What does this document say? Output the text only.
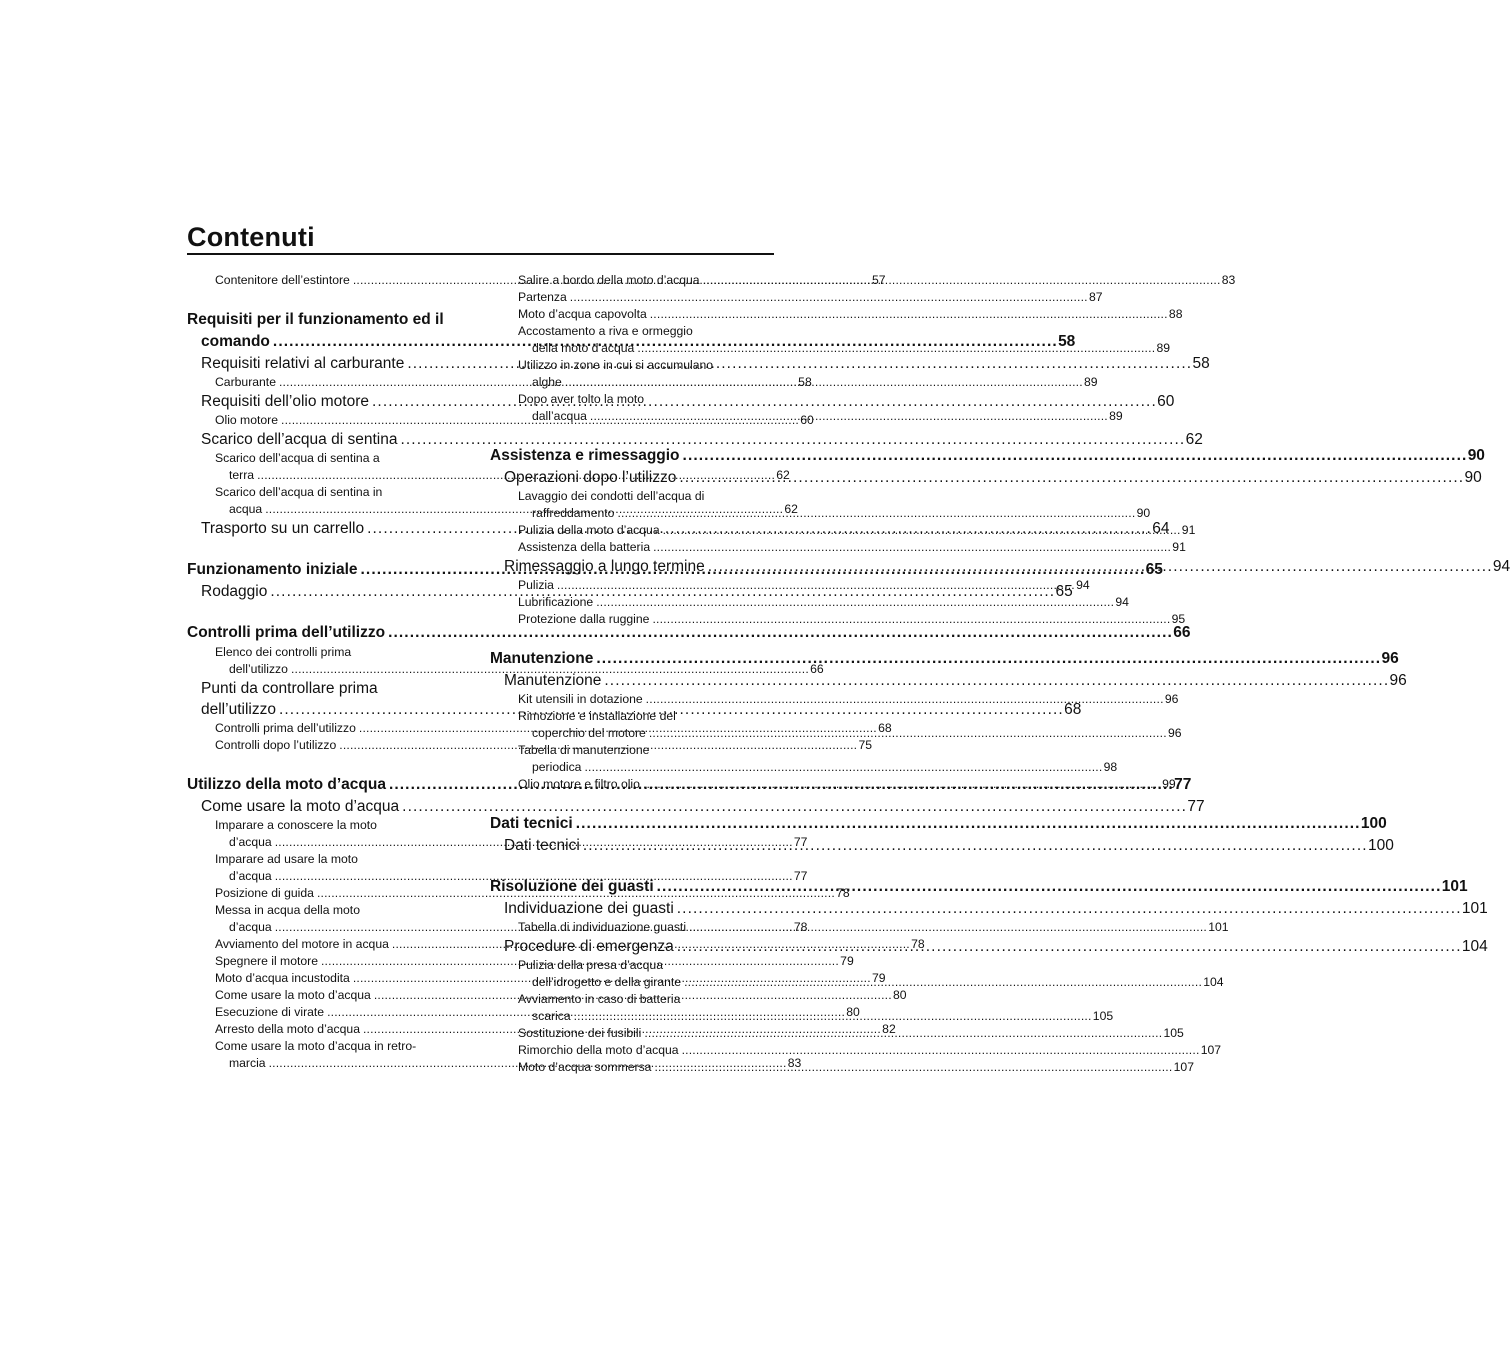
Contenuti
Contenitore dell’estintore . . .	57
Requisiti per il funzionamento ed il
comando . . .	58
Requisiti relativi al carburante . . .	58
Carburante . . .	58
Requisiti dell’olio motore . . .	60
Olio motore . . .	60
Scarico dell’acqua di sentina . . .	62
Scarico dell’acqua di sentina a
terra . . .	62
Scarico dell’acqua di sentina in
acqua . . .	62
Trasporto su un carrello . . .	64
Funzionamento iniziale . . .	65
Rodaggio . . .	65
Controlli prima dell’utilizzo . . .	66
Elenco dei controlli prima
dell’utilizzo . . .	66
Punti da controllare prima
dell’utilizzo . . .	68
Controlli prima dell’utilizzo . . .	68
Controlli dopo l’utilizzo . . .	75
Utilizzo della moto d’acqua . . .	77
Come usare la moto d’acqua . . .	77
Imparare a conoscere la moto
d’acqua . . .	77
Imparare ad usare la moto
d’acqua . . .	77
Posizione di guida . . .	78
Messa in acqua della moto
d’acqua . . .	78
Avviamento del motore in acqua . . .	78
Spegnere il motore . . .	79
Moto d’acqua incustodita . . .	79
Come usare la moto d’acqua . . .	80
Esecuzione di virate . . .	80
Arresto della moto d’acqua . . .	82
Come usare la moto d’acqua in retro-
marcia . . .	83
Salire a bordo della moto d’acqua . . .	83
Partenza . . .	87
Moto d’acqua capovolta . . .	88
Accostamento a riva e ormeggio
della moto d’acqua . . .	89
Utilizzo in zone in cui si accumulano
alghe . . .	89
Dopo aver tolto la moto
dall’acqua . . .	89
Assistenza e rimessaggio . . .	90
Operazioni dopo l’utilizzo . . .	90
Lavaggio dei condotti dell’acqua di
raffreddamento . . .	90
Pulizia della moto d’acqua . . .	91
Assistenza della batteria . . .	91
Rimessaggio a lungo termine . . .	94
Pulizia . . .	94
Lubrificazione . . .	94
Protezione dalla ruggine . . .	95
Manutenzione . . .	96
Manutenzione . . .	96
Kit utensili in dotazione . . .	96
Rimozione e installazione del
coperchio del motore . . .	96
Tabella di manutenzione
periodica . . .	98
Olio motore e filtro olio . . .	99
Dati tecnici . . .	100
Dati tecnici . . .	100
Risoluzione dei guasti . . .	101
Individuazione dei guasti . . .	101
Tabella di individuazione guasti . . .	101
Procedure di emergenza . . .	104
Pulizia della presa d’acqua
dell’idrogetto e della girante . . .	104
Avviamento in caso di batteria
scarica . . .	105
Sostituzione dei fusibili . . .	105
Rimorchio della moto d’acqua . . .	107
Moto d’acqua sommersa . . .	107
